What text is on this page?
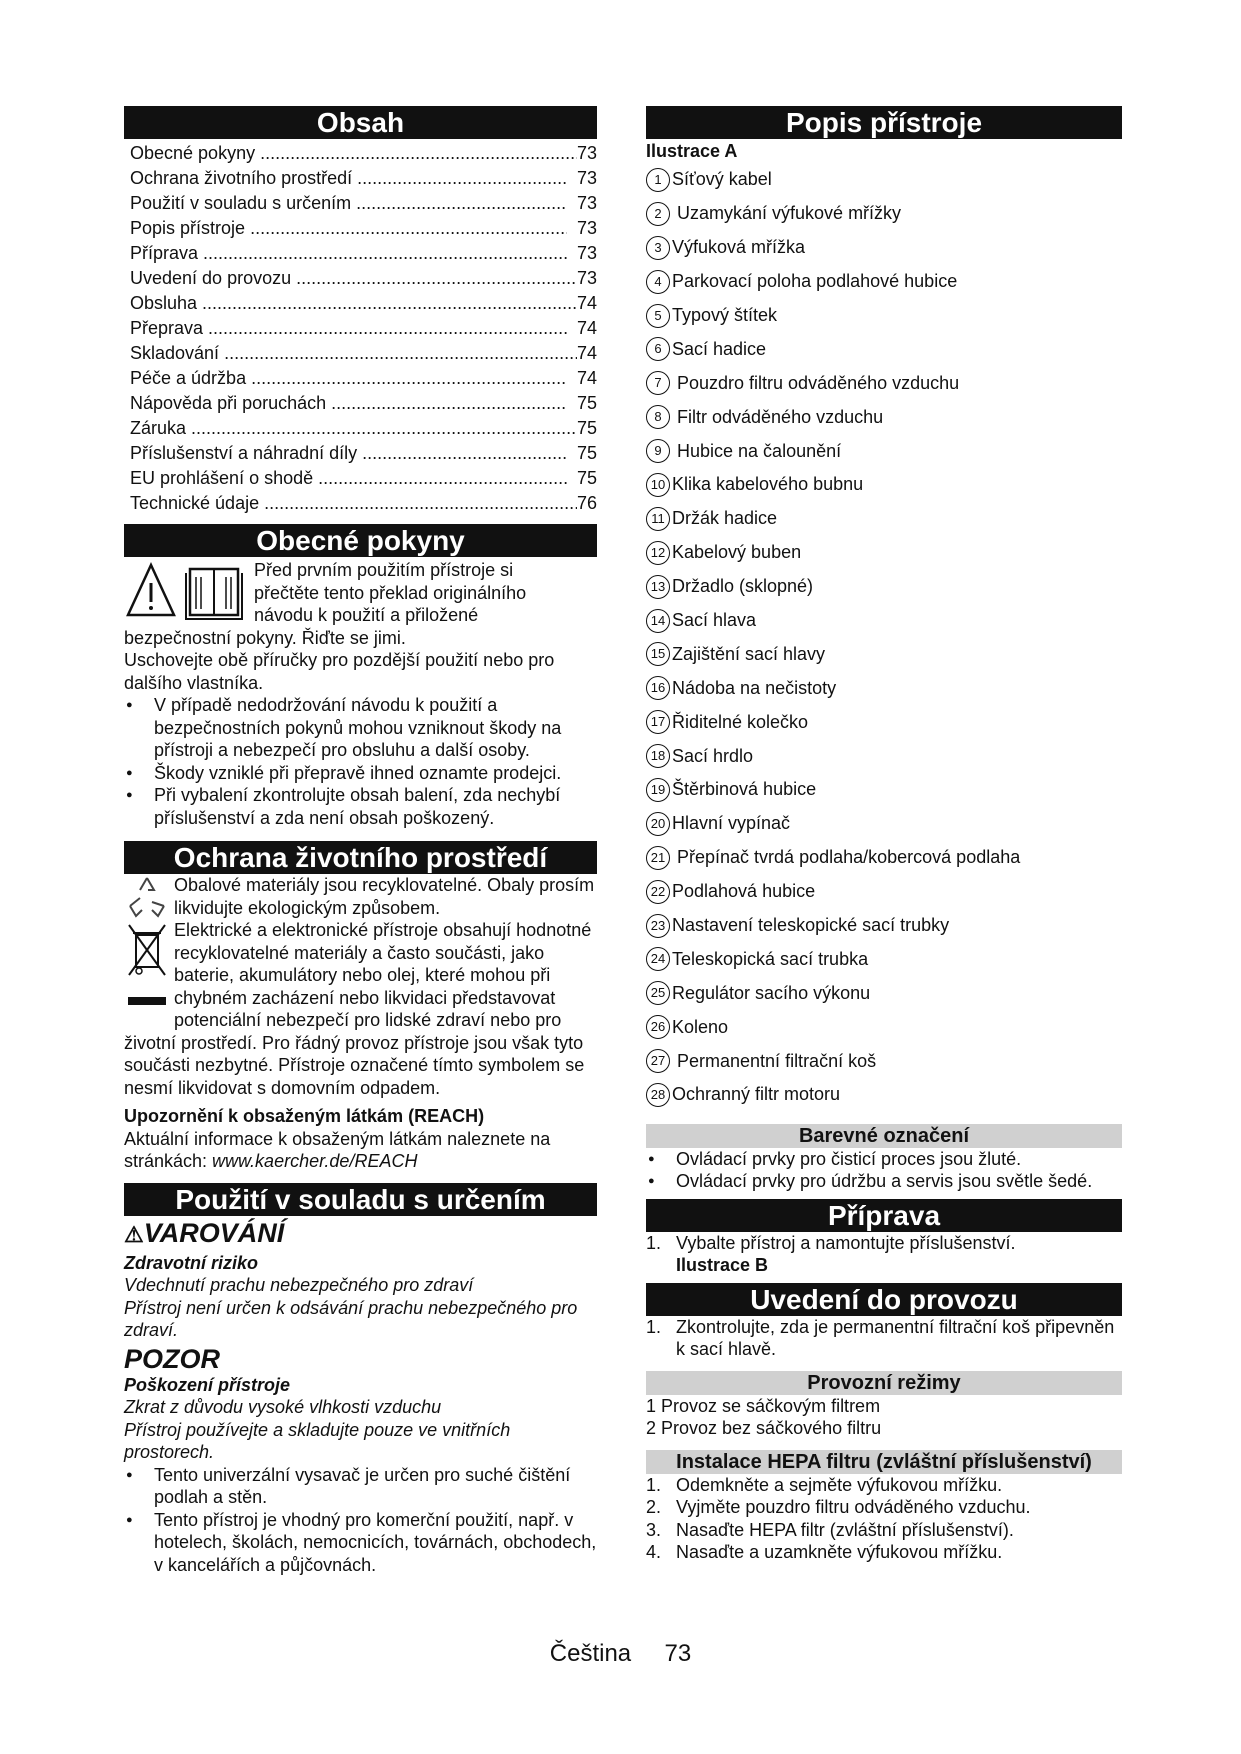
Obsah
Obecné pokyny .....	73
Ochrana životního prostředí .....	73
Použití v souladu s určením .....	73
Popis přístroje .....	73
Příprava .....	73
Uvedení do provozu .....	73
Obsluha .....	74
Přeprava .....	74
Skladování .....	74
Péče a údržba .....	74
Nápověda při poruchách .....	75
Záruka .....	75
Příslušenství a náhradní díly .....	75
EU prohlášení o shodě .....	75
Technické údaje .....	76
Obecné pokyny
Před prvním použitím přístroje si
přečtěte tento překlad originálního
návodu k použití a přiložené
bezpečnostní pokyny. Řiďte se jimi.
Uschovejte obě příručky pro pozdější použití nebo pro dalšího vlastníka.
● V případě nedodržování návodu k použití a bezpečnostních pokynů mohou vzniknout škody na přístroji a nebezpečí pro obsluhu a další osoby.
● Škody vzniklé při přepravě ihned oznamte prodejci.
● Při vybalení zkontrolujte obsah balení, zda nechybí příslušenství a zda není obsah poškozený.
Ochrana životního prostředí
Obalové materiály jsou recyklovatelné. Obaly prosím likvidujte ekologickým způsobem.
Elektrické a elektronické přístroje obsahují hodnotné recyklovatelné materiály a často součásti, jako baterie, akumulátory nebo olej, které mohou při chybném zacházení nebo likvidaci představovat potenciální nebezpečí pro lidské zdraví nebo pro životní prostředí. Pro řádný provoz přístroje jsou však tyto součásti nezbytné. Přístroje označené tímto symbolem se nesmí likvidovat s domovním odpadem.
Upozornění k obsaženým látkám (REACH)
Aktuální informace k obsaženým látkám naleznete na stránkách: www.kaercher.de/REACH
Použití v souladu s určením
⚠VAROVÁNÍ
Zdravotní riziko
Vdechnutí prachu nebezpečného pro zdraví
Přístroj není určen k odsávání prachu nebezpečného pro zdraví.
POZOR
Poškození přístroje
Zkrat z důvodu vysoké vlhkosti vzduchu
Přístroj používejte a skladujte pouze ve vnitřních prostorech.
● Tento univerzální vysavač je určen pro suché čištění podlah a stěn.
● Tento přístroj je vhodný pro komerční použití, např. v hotelech, školách, nemocnicích, továrnách, obchodech, v kancelářích a půjčovnách.
Popis přístroje
Ilustrace A
1 Síťový kabel
2 Uzamykání výfukové mřížky
3 Výfuková mřížka
4 Parkovací poloha podlahové hubice
5 Typový štítek
6 Sací hadice
7 Pouzdro filtru odváděného vzduchu
8 Filtr odváděného vzduchu
9 Hubice na čalounění
10 Klika kabelového bubnu
11 Držák hadice
12 Kabelový buben
13 Držadlo (sklopné)
14 Sací hlava
15 Zajištění sací hlavy
16 Nádoba na nečistoty
17 Řiditelné kolečko
18 Sací hrdlo
19 Štěrbinová hubice
20 Hlavní vypínač
21 Přepínač tvrdá podlaha/kobercová podlaha
22 Podlahová hubice
23 Nastavení teleskopické sací trubky
24 Teleskopická sací trubka
25 Regulátor sacího výkonu
26 Koleno
27 Permanentní filtrační koš
28 Ochranný filtr motoru
Barevné označení
● Ovládací prvky pro čisticí proces jsou žluté.
● Ovládací prvky pro údržbu a servis jsou světle šedé.
Příprava
1. Vybalte přístroj a namontujte příslušenství.
Ilustrace B
Uvedení do provozu
1. Zkontrolujte, zda je permanentní filtrační koš připevněn k sací hlavě.
Provozní režimy
1 Provoz se sáčkovým filtrem
2 Provoz bez sáčkového filtru
Instalace HEPA filtru (zvláštní příslušenství)
1. Odemkněte a sejměte výfukovou mřížku.
2. Vyjměte pouzdro filtru odváděného vzduchu.
3. Nasaďte HEPA filtr (zvláštní příslušenství).
4. Nasaďte a uzamkněte výfukovou mřížku.
Čeština 73
